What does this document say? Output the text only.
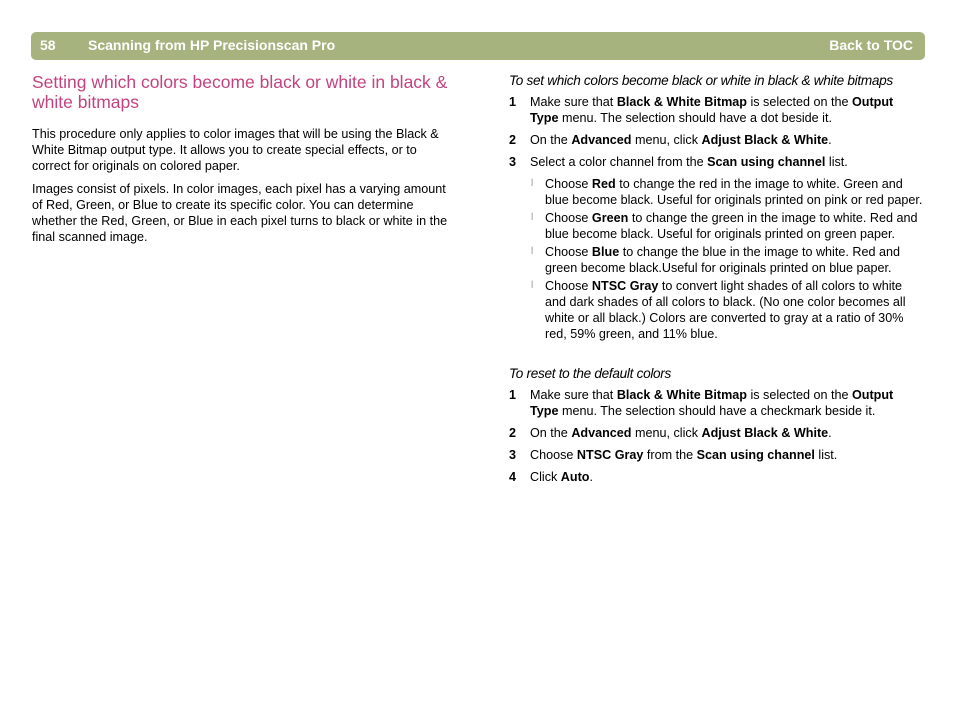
58 Scanning from HP Precisionscan Pro	Back to TOC
Setting which colors become black or white in black & white bitmaps

This procedure only applies to color images that will be using the Black & White Bitmap output type. It allows you to create special effects, or to correct for originals on colored paper.

Images consist of pixels. In color images, each pixel has a varying amount of Red, Green, or Blue to create its specific color. You can determine whether the Red, Green, or Blue in each pixel turns to black or white in the final scanned image.

To set which colors become black or white in black & white bitmaps
1 Make sure that Black & White Bitmap is selected on the Output Type menu. The selection should have a dot beside it.
2 On the Advanced menu, click Adjust Black & White.
3 Select a color channel from the Scan using channel list.
l Choose Red to change the red in the image to white. Green and blue become black. Useful for originals printed on pink or red paper.
l Choose Green to change the green in the image to white. Red and blue become black. Useful for originals printed on green paper.
l Choose Blue to change the blue in the image to white. Red and green become black.Useful for originals printed on blue paper.
l Choose NTSC Gray to convert light shades of all colors to white and dark shades of all colors to black. (No one color becomes all white or all black.) Colors are converted to gray at a ratio of 30% red, 59% green, and 11% blue.
To reset to the default colors
1 Make sure that Black & White Bitmap is selected on the Output Type menu. The selection should have a checkmark beside it.
2 On the Advanced menu, click Adjust Black & White.
3 Choose NTSC Gray from the Scan using channel list.
4 Click Auto.
